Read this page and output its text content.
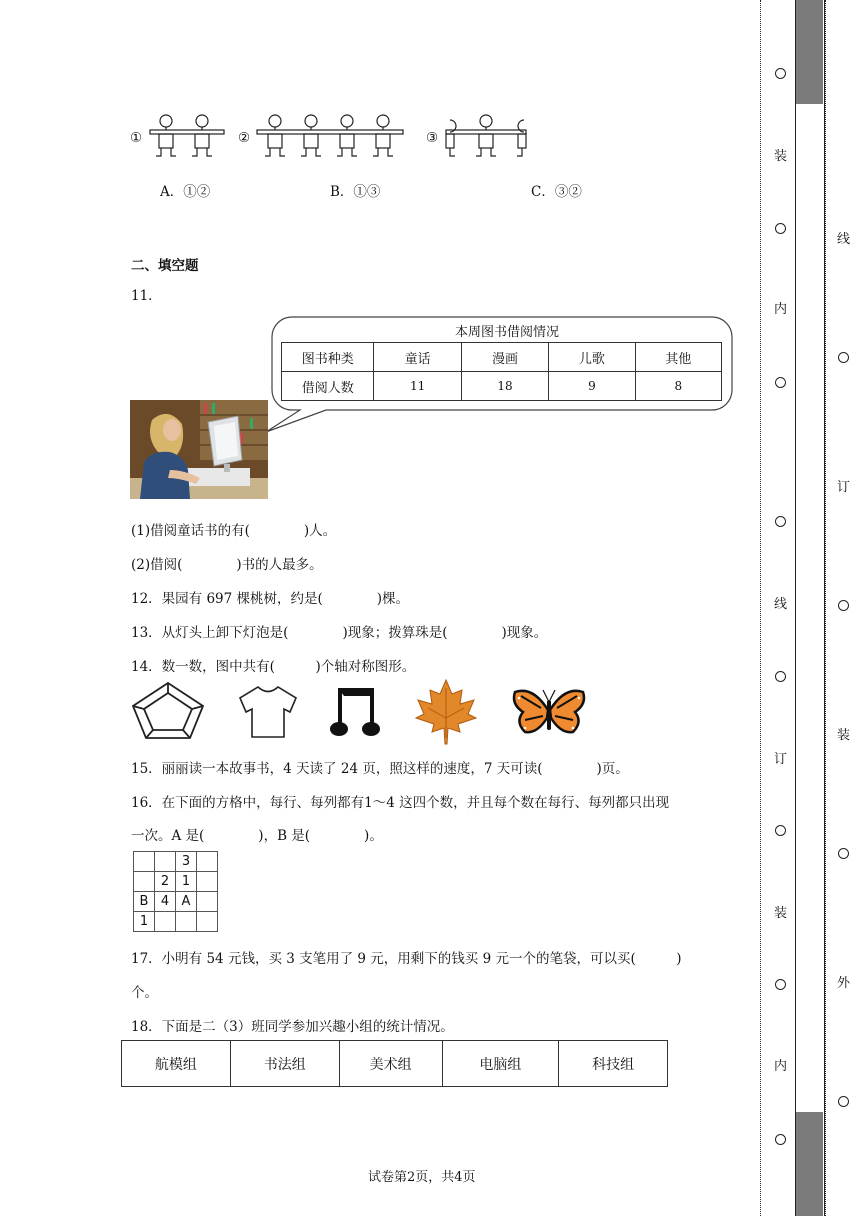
①	②	③
A．①②	B．①③	C．③②
二、填空题
11．
本周图书借阅情况
图书种类	童话	漫画	儿歌	其他
借阅人数	11	18	9	8
(1)借阅童话书的有(　　　　)人。
(2)借阅(　　　　)书的人最多。
12．果园有 697 棵桃树，约是(　　　　)棵。
13．从灯头上卸下灯泡是(　　　　)现象；拨算珠是(　　　　)现象。
14．数一数，图中共有(　　　)个轴对称图形。
15．丽丽读一本故事书，4 天读了 24 页，照这样的速度，7 天可读(　　　　)页。
16．在下面的方格中，每行、每列都有1～4 这四个数，并且每个数在每行、每列都只出现
一次。A 是(　　　　)，B 是(　　　　)。
		3	
	2	1	
B	4	A	
1			
17．小明有 54 元钱，买 3 支笔用了 9 元，用剩下的钱买 9 元一个的笔袋，可以买(　　　)
个。
18．下面是二（3）班同学参加兴趣小组的统计情况。
航模组	书法组	美术组	电脑组	科技组
试卷第2页，共4页
装
内
线
订
装
内
线
订
装
外
